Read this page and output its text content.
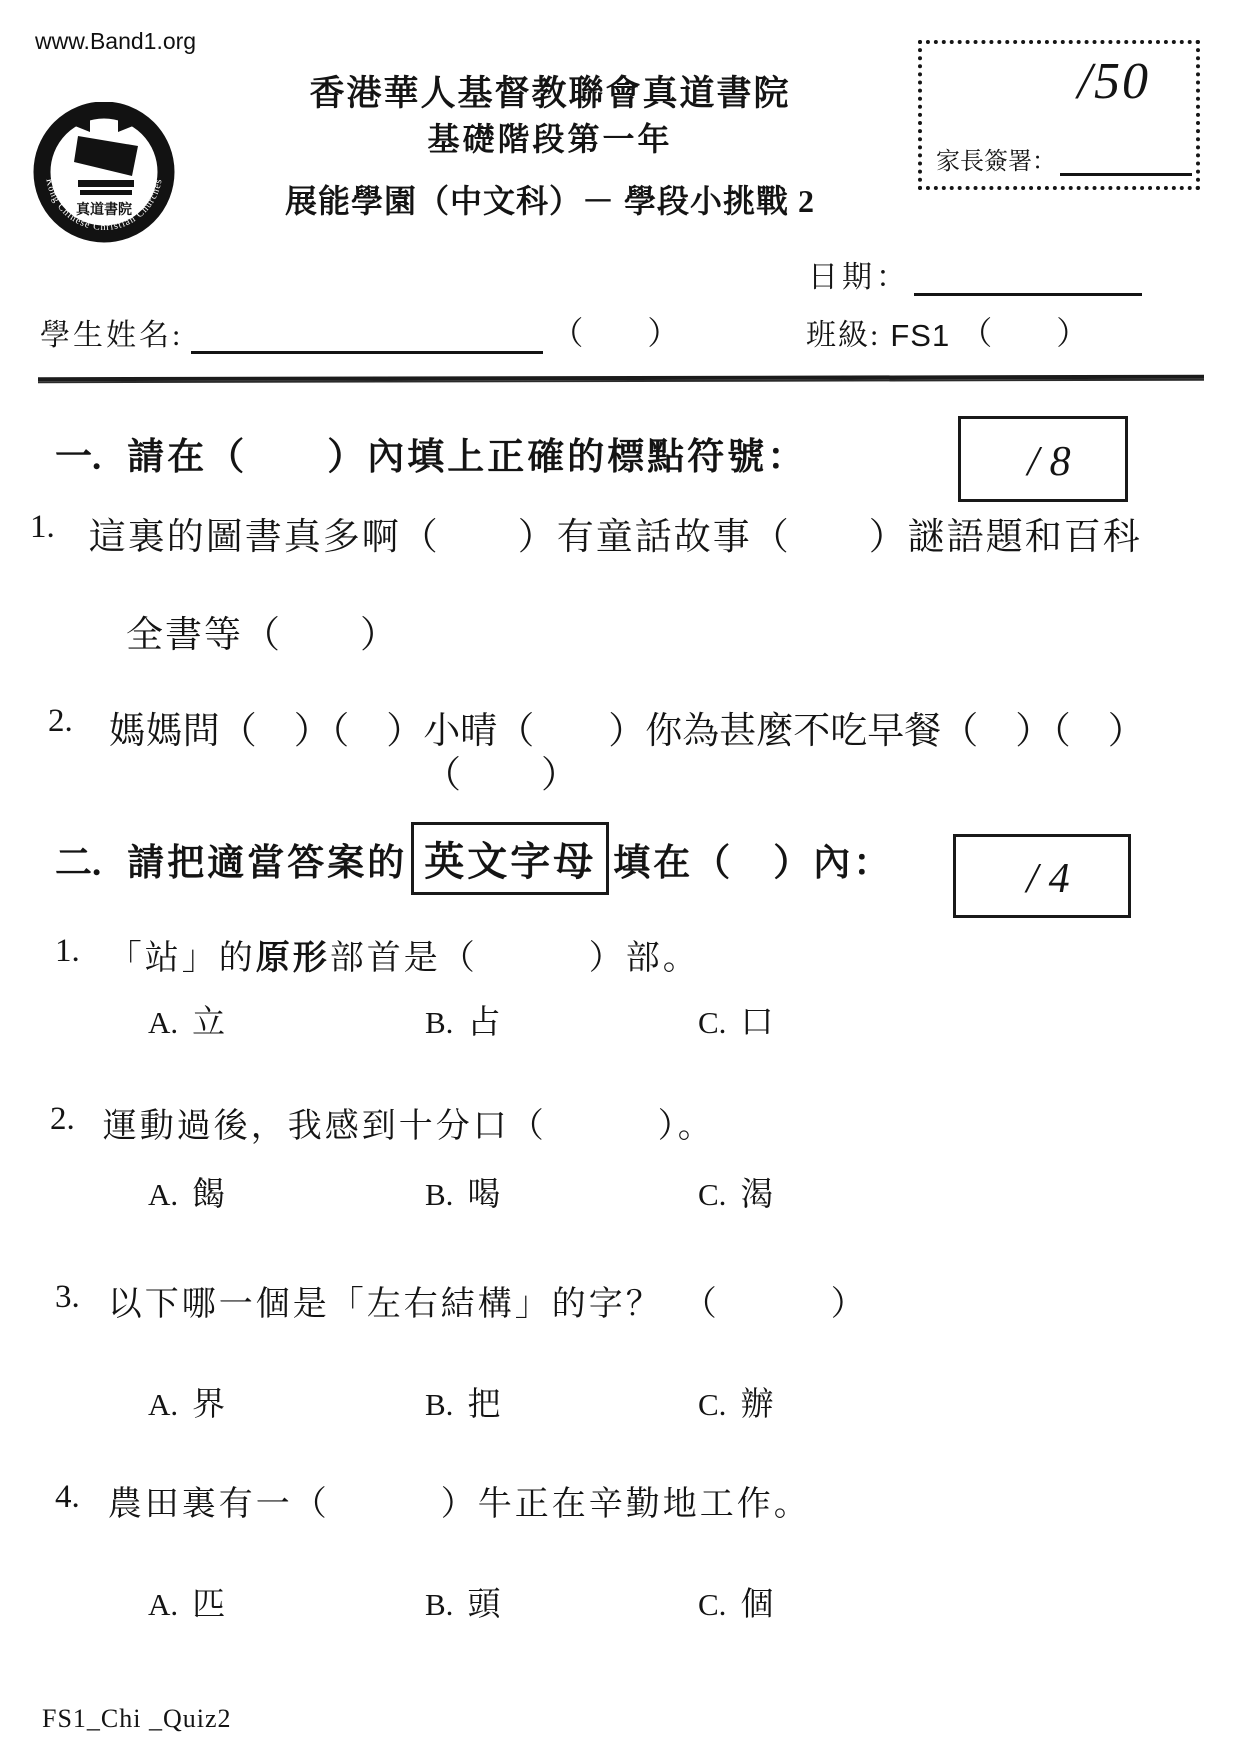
www.Band1.org
真道書院
Kong Chinese Christian Churches
香港華人基督教聯會真道書院
基礎階段第一年
展能學園（中文科）－ 學段小挑戰 2
/50
家長簽署：
日期：
學生姓名:	（　　）	班級: FS1 （　　）
一. 請在（　　）內填上正確的標點符號：	/ 8
1. 這裏的圖書真多啊（　　）有童話故事（　　）謎語題和百科
全書等（　　）
2. 媽媽問（　）（　）小晴（　　）你為甚麼不吃早餐（　）（　）
（　　）
二. 請把適當答案的 英文字母 填在（　）內：	/ 4
1. 「站」的原形部首是（　　　）部。
A. 立	B. 占	C. 口
2. 運動過後，我感到十分口（　　　）。
A. 餲	B. 喝	C. 渴
3. 以下哪一個是「左右結構」的字？　（　　　）
A. 界	B. 把	C. 辦
4. 農田裏有一（　　　）牛正在辛勤地工作。
A. 匹	B. 頭	C. 個
FS1_Chi _Quiz2
